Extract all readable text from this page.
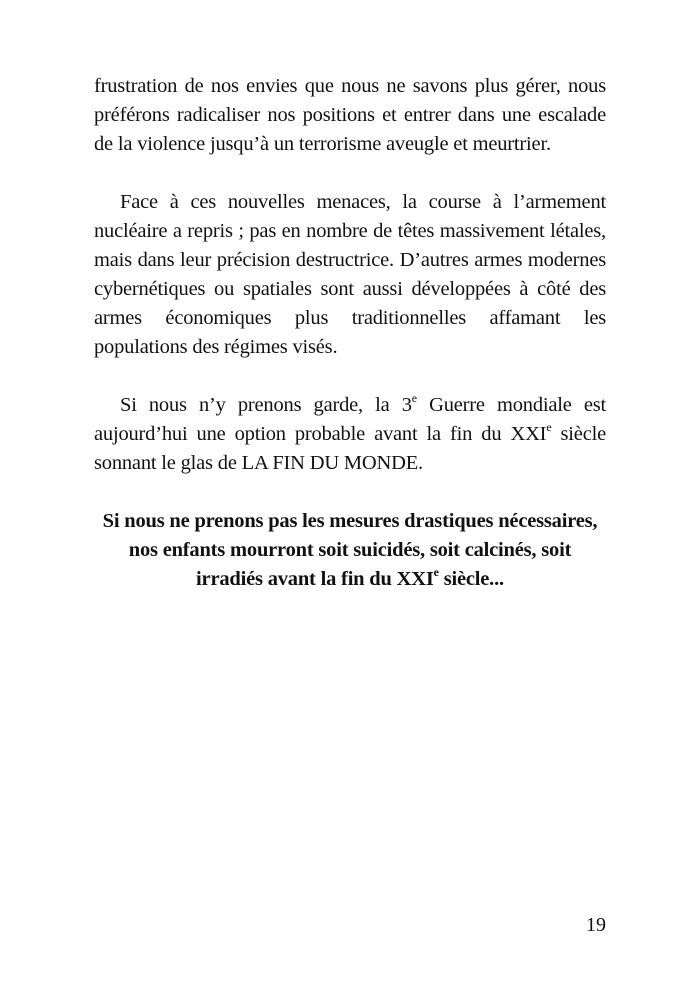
frustration de nos envies que nous ne savons plus gérer, nous préférons radicaliser nos positions et entrer dans une escalade de la violence jusqu’à un terrorisme aveugle et meurtrier.

Face à ces nouvelles menaces, la course à l’armement nucléaire a repris ; pas en nombre de têtes massivement létales, mais dans leur précision destructrice. D’autres armes modernes cybernétiques ou spatiales sont aussi développées à côté des armes économiques plus traditionnelles affamant les populations des régimes visés.

Si nous n’y prenons garde, la 3e Guerre mondiale est aujourd’hui une option probable avant la fin du XXIe siècle sonnant le glas de LA FIN DU MONDE.

Si nous ne prenons pas les mesures drastiques nécessaires,
nos enfants mourront soit suicidés, soit calcinés, soit
irradiés avant la fin du XXIe siècle...

19
